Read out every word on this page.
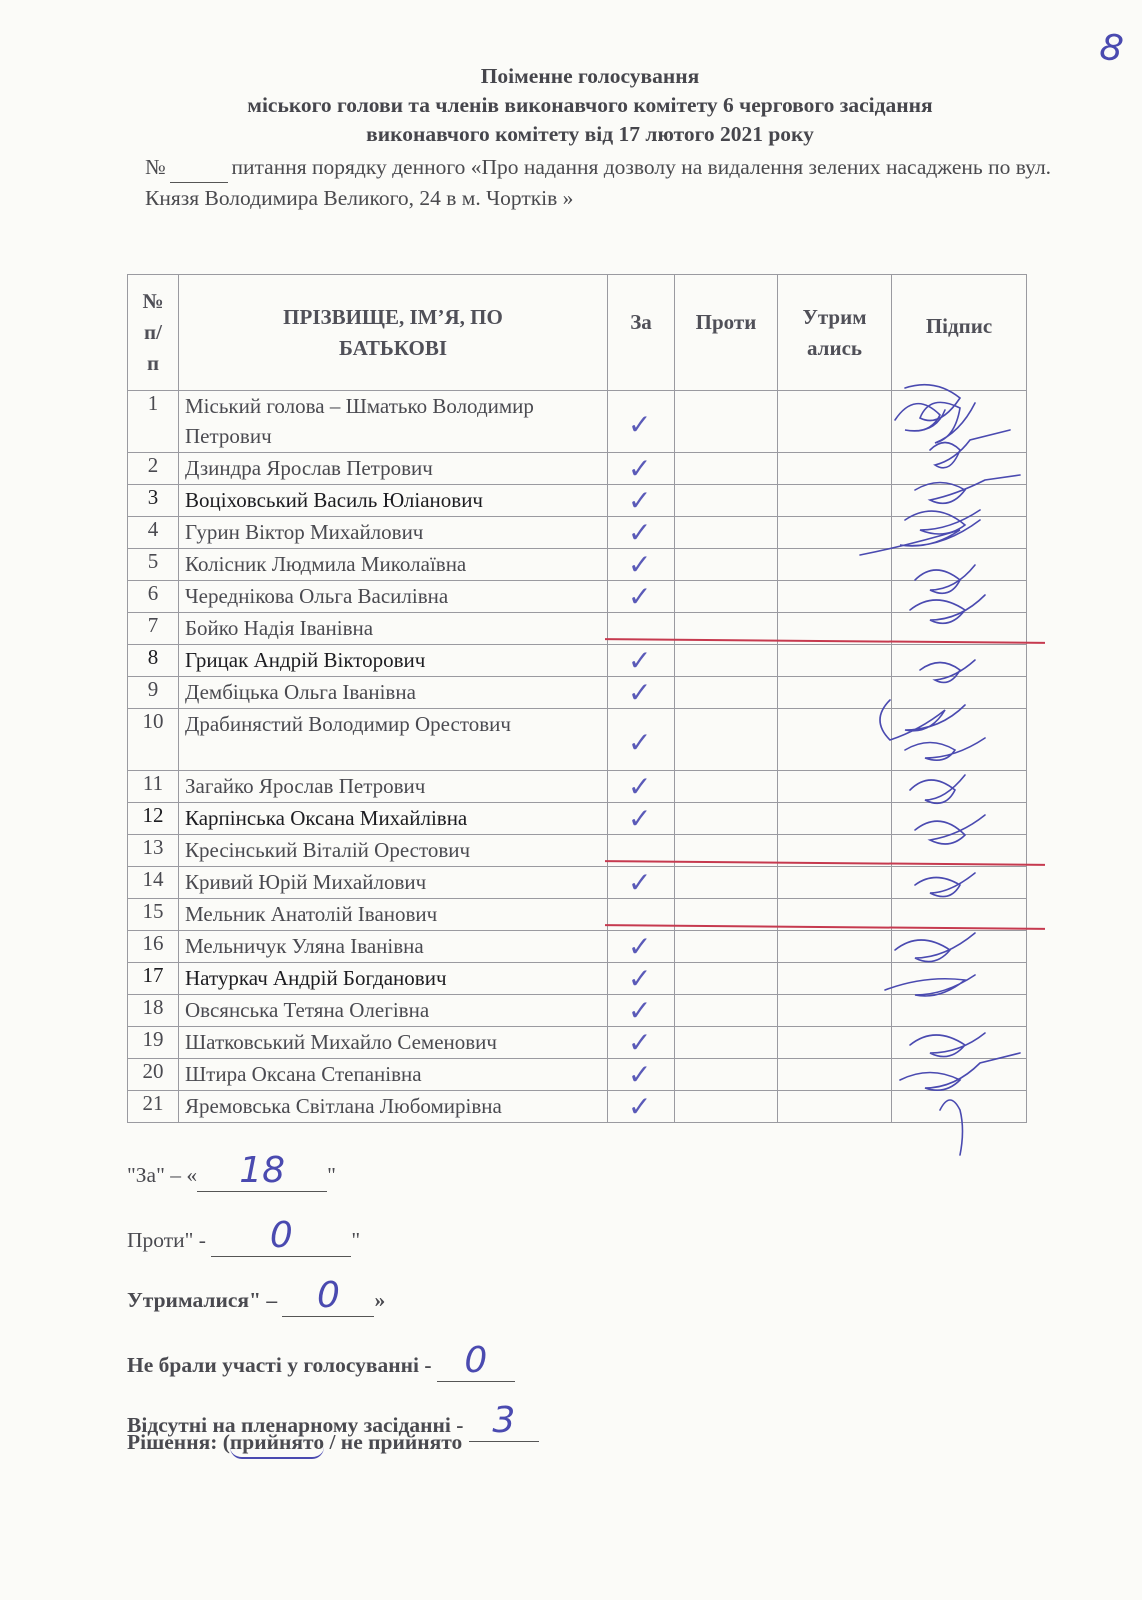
8
Поіменне голосування
міського голови та членів виконавчого комітету 6 чергового засідання
виконавчого комітету від 17 лютого 2021 року
№	питання порядку денного «Про надання дозволу на видалення зелених насаджень по вул. Князя Володимира Великого, 24 в м. Чортків »
№ п/п	ПРІЗВИЩЕ, ІМ’Я, ПО БАТЬКОВІ	За	Проти	Утрим ались	Підпис
1	Міський голова – Шматько Володимир Петрович	✓			

2	Дзиндра Ярослав Петрович	✓			

3	Воціховський Василь Юліанович	✓			

4	Гурин Віктор Михайлович	✓			

5	Колісник Людмила Миколаївна	✓			

6	Череднікова Ольга Василівна	✓			

7	Бойко Надія Іванівна	

8	Грицак Андрій Вікторович	✓			

9	Дембіцька Ольга Іванівна	✓			

10	Драбинястий Володимир Орестович	✓			

11	Загайко Ярослав Петрович	✓			

12	Карпінська Оксана Михайлівна	✓			

13	Кресінський Віталій Орестович	

14	Кривий Юрій Михайлович	✓			

15	Мельник Анатолій Іванович	

16	Мельничук Уляна Іванівна	✓			

17	Натуркач Андрій Богданович	✓			

18	Овсянська Тетяна Олегівна	✓			

19	Шатковський Михайло Семенович	✓			

20	Штира Оксана Степанівна	✓			

21	Яремовська Світлана Любомирівна	✓			

"За" – « 18 "
Проти" - 0	"
Утрималися" – 0 »
Не брали участі у голосуванні - 0
Відсутні на пленарному засіданні - 3
Рішення: (прийнято / не прийнято
